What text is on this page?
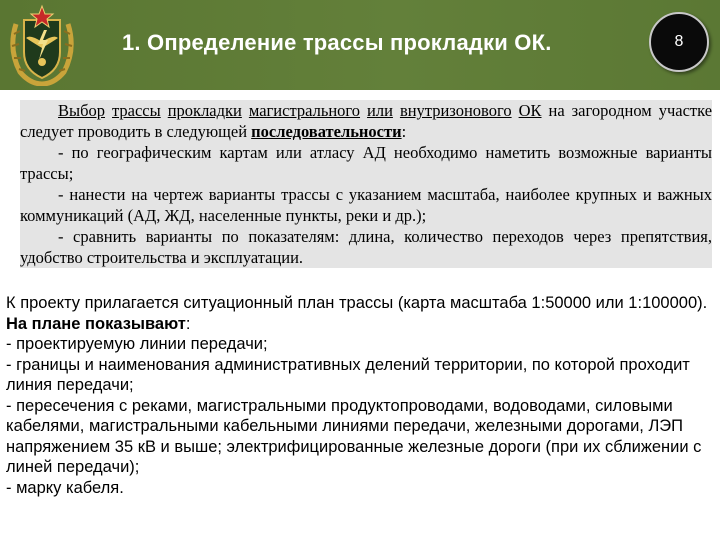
1. Определение трассы прокладки ОК.	8

Выбор трассы прокладки магистрального или внутризонового ОК на загородном участке следует проводить в следующей последовательности:

- по географическим картам или атласу АД необходимо наметить возможные варианты трассы;

- нанести на чертеж варианты трассы с указанием масштаба, наиболее крупных и важных коммуникаций (АД, ЖД, населенные пункты, реки и др.);

- сравнить варианты по показателям: длина, количество переходов через препятствия, удобство строительства и эксплуатации.

К проекту прилагается ситуационный план трассы (карта масштаба 1:50000 или 1:100000).

На плане показывают:

- проектируемую линии передачи;

- границы и наименования административных делений территории, по которой проходит линия передачи;

- пересечения с реками, магистральными продуктопроводами, водоводами, силовыми кабелями, магистральными кабельными линиями передачи, железными дорогами, ЛЭП напряжением 35 кВ и выше; электрифицированные железные дороги (при их сближении с линей передачи);

- марку кабеля.
